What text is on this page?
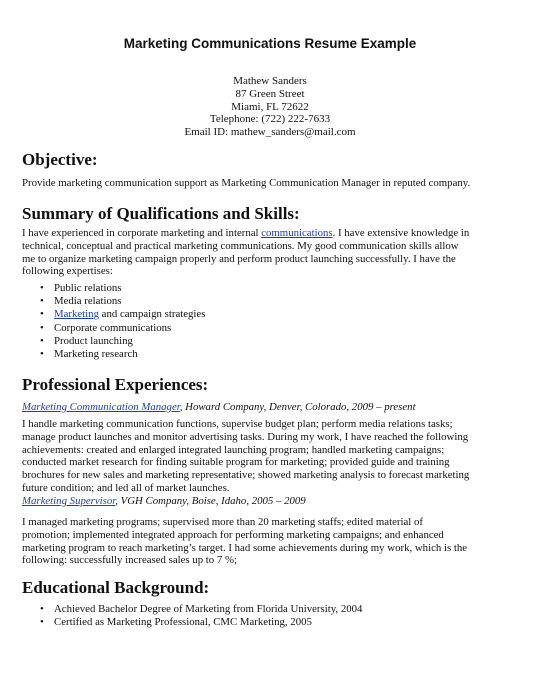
Marketing Communications Resume Example
Mathew Sanders
87 Green Street
Miami, FL 72622
Telephone: (722) 222-7633
Email ID: mathew_sanders@mail.com
Objective:

Provide marketing communication support as Marketing Communication Manager in reputed company.

Summary of Qualifications and Skills:

I have experienced in corporate marketing and internal communications. I have extensive knowledge in
technical, conceptual and practical marketing communications. My good communication skills allow
me to organize marketing campaign properly and perform product launching successfully. I have the
following expertises:

• Public relations
• Media relations
• Marketing and campaign strategies
• Corporate communications
• Product launching
• Marketing research
Professional Experiences:
Marketing Communication Manager, Howard Company, Denver, Colorado, 2009 – present

I handle marketing communication functions, supervise budget plan; perform media relations tasks;
manage product launches and monitor advertising tasks. During my work, I have reached the following
achievements: created and enlarged integrated launching program; handled marketing campaigns;
conducted market research for finding suitable program for marketing; provided guide and training
brochures for new sales and marketing representative; showed marketing analysis to forecast marketing
future condition; and led all of market launches.

Marketing Supervisor, VGH Company, Boise, Idaho, 2005 – 2009

I managed marketing programs; supervised more than 20 marketing staffs; edited material of
promotion; implemented integrated approach for performing marketing campaigns; and enhanced
marketing program to reach marketing’s target. I had some achievements during my work, which is the
following: successfully increased sales up to 7 %;

Educational Background:
• Achieved Bachelor Degree of Marketing from Florida University, 2004
• Certified as Marketing Professional, CMC Marketing, 2005
